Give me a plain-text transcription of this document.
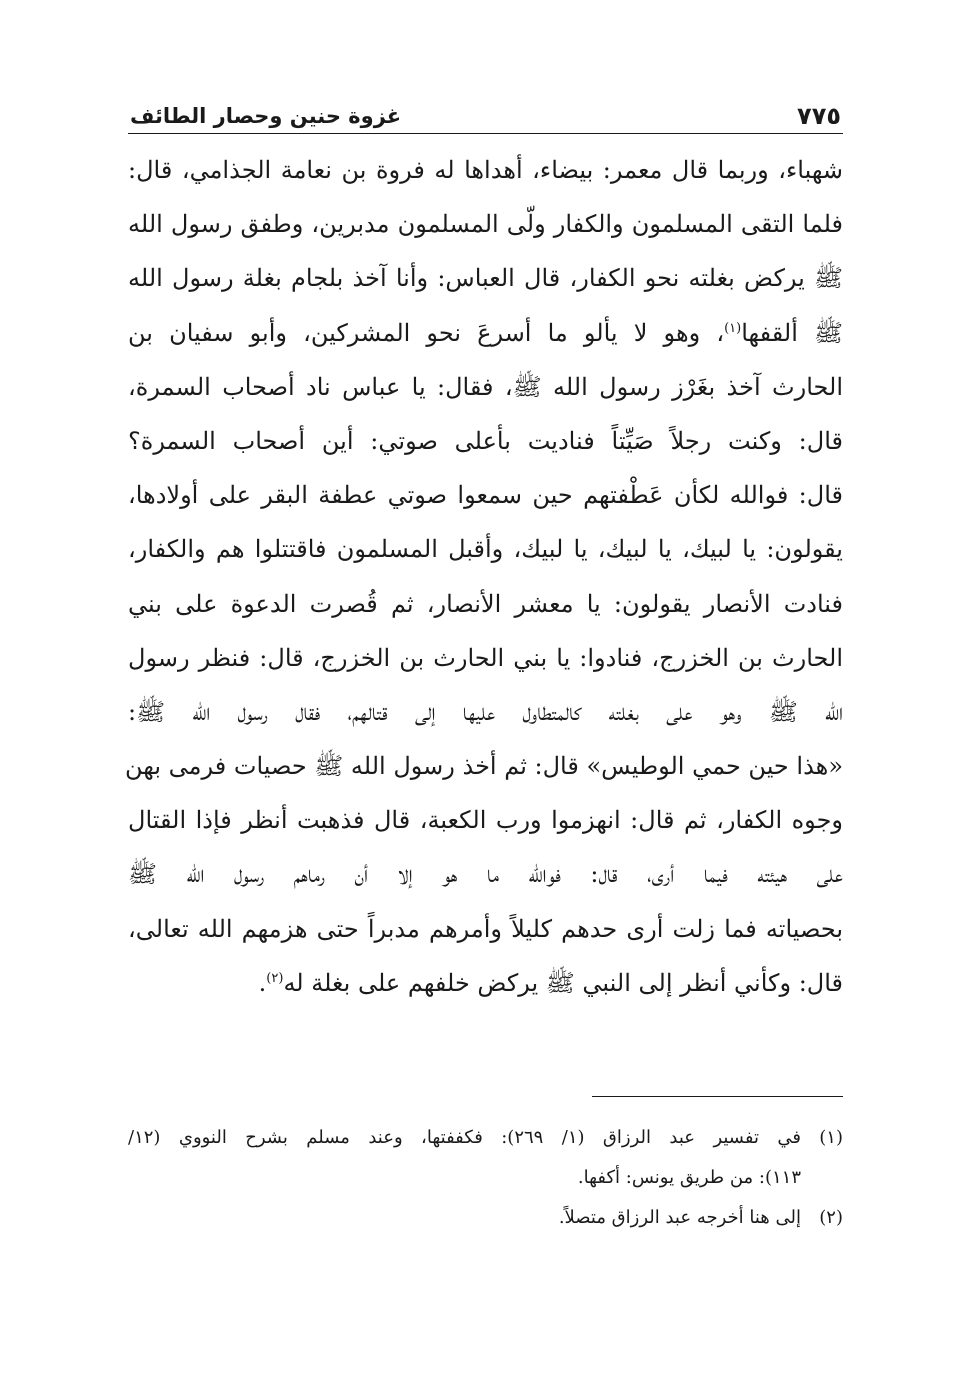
٧٧٥
غزوة حنين وحصار الطائف
شهباء، وربما قال معمر: بيضاء، أهداها له فروة بن نعامة الجذامي، قال:
فلما التقى المسلمون والكفار ولّى المسلمون مدبرين، وطفق رسول الله
ﷺ يركض بغلته نحو الكفار، قال العباس: وأنا آخذ بلجام بغلة رسول الله
ﷺ ألقفها$^{(١)}$، وهو لا يألو ما أسرعَ نحو المشركين، وأبو سفيان بن
الحارث آخذ بغَرْز رسول الله ﷺ، فقال: يا عباس ناد أصحاب السمرة،
قال: وكنت رجلاً صَيِّتاً فناديت بأعلى صوتي: أين أصحاب السمرة؟
قال: فوالله لكأن عَطْفتهم حين سمعوا صوتي عطفة البقر على أولادها،
يقولون: يا لبيك، يا لبيك، يا لبيك، وأقبل المسلمون فاقتتلوا هم والكفار،
فنادت الأنصار يقولون: يا معشر الأنصار، ثم قُصرت الدعوة على بني
الحارث بن الخزرج، فنادوا: يا بني الحارث بن الخزرج، قال: فنظر رسول
الله ﷺ وهو على بغلته كالمتطاول عليها إلى قتالهم، فقال رسول الله ﷺ:
«هذا حين حمي الوطيس» قال: ثم أخذ رسول الله ﷺ حصيات فرمى بهن
وجوه الكفار، ثم قال: انهزموا ورب الكعبة، قال فذهبت أنظر فإذا القتال
على هيئته فيما أرى، قال: فوالله ما هو إلا أن رماهم رسول الله ﷺ
بحصياته فما زلت أرى حدهم كليلاً وأمرهم مدبراً حتى هزمهم الله تعالى،
قال: وكأني أنظر إلى النبي ﷺ يركض خلفهم على بغلة له$^{(٢)}$.
(١)في تفسير عبد الرزاق (١/ ٢٦٩): فكففتها، وعند مسلم بشرح النووي (١٢/
١١٣): من طريق يونس: أكفها.
(٢)إلى هنا أخرجه عبد الرزاق متصلاً.
